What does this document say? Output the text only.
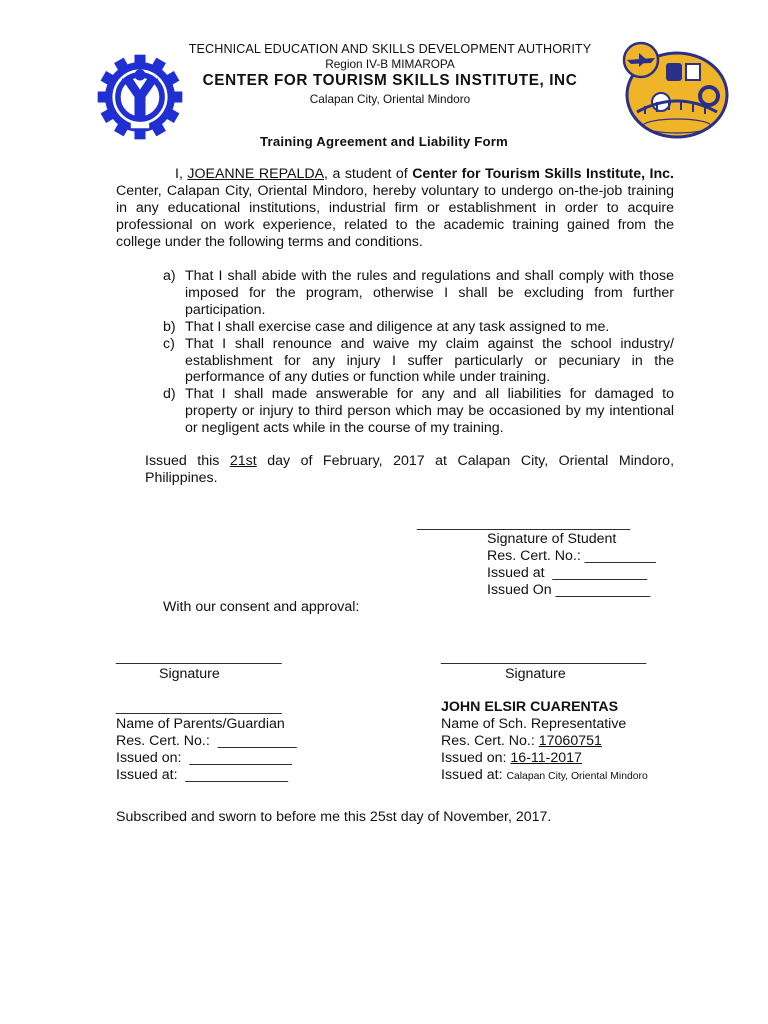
TECHNICAL EDUCATION AND SKILLS DEVELOPMENT AUTHORITY
Region IV-B MIMAROPA
CENTER FOR TOURISM SKILLS INSTITUTE, INC
Calapan City, Oriental Mindoro
Training Agreement and Liability Form
I, JOEANNE REPALDA, a student of Center for Tourism Skills Institute, Inc. Center, Calapan City, Oriental Mindoro, hereby voluntary to undergo on-the-job training in any educational institutions, industrial firm or establishment in order to acquire professional on work experience, related to the academic training gained from the college under the following terms and conditions.
a) That I shall abide with the rules and regulations and shall comply with those imposed for the program, otherwise I shall be excluding from further participation.
b) That I shall exercise case and diligence at any task assigned to me.
c) That I shall renounce and waive my claim against the school industry/ establishment for any injury I suffer particularly or pecuniary in the performance of any duties or function while under training.
d) That I shall made answerable for any and all liabilities for damaged to property or injury to third person which may be occasioned by my intentional or negligent acts while in the course of my training.
Issued this 21st day of February, 2017 at Calapan City, Oriental Mindoro, Philippines.
___________________________
Signature of Student
Res. Cert. No.: _________
Issued at  ____________
Issued On ____________
With our consent and approval:
_____________________
Signature
_____________________
Name of Parents/Guardian
Res. Cert. No.:  __________
Issued on:  _____________
Issued at:  _____________
__________________________
Signature
JOHN ELSIR CUARENTAS
Name of Sch. Representative
Res. Cert. No.: 17060751
Issued on: 16-11-2017
Issued at: Calapan City, Oriental Mindoro
Subscribed and sworn to before me this 25st day of November, 2017.
